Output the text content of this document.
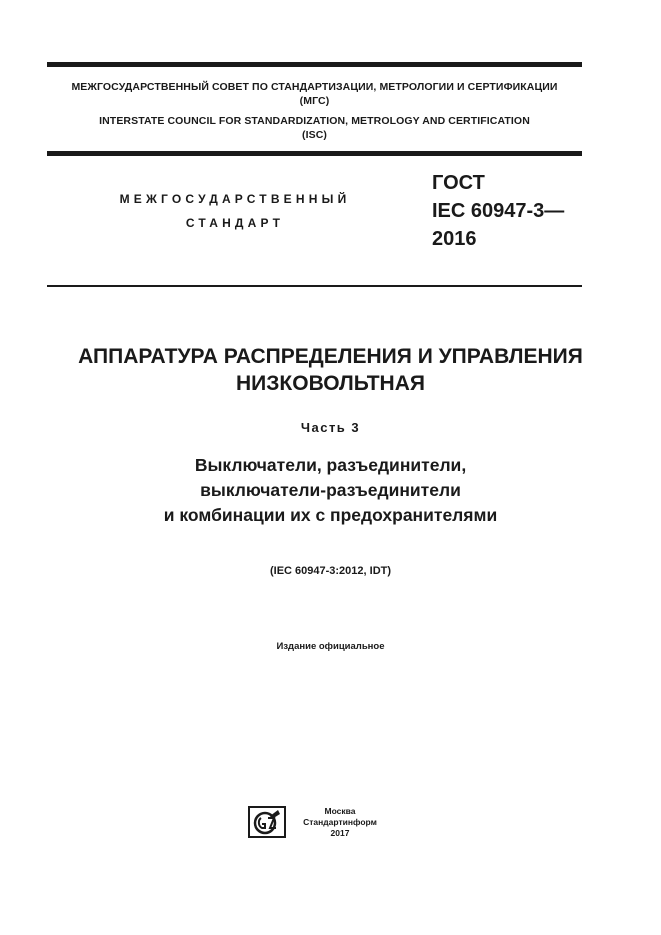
МЕЖГОСУДАРСТВЕННЫЙ СОВЕТ ПО СТАНДАРТИЗАЦИИ, МЕТРОЛОГИИ И СЕРТИФИКАЦИИ
(МГС)
INTERSTATE COUNCIL FOR STANDARDIZATION, METROLOGY AND CERTIFICATION
(ISC)
МЕЖГОСУДАРСТВЕННЫЙ
СТАНДАРТ
ГОСТ
IEC 60947-3—
2016
АППАРАТУРА РАСПРЕДЕЛЕНИЯ И УПРАВЛЕНИЯ
НИЗКОВОЛЬТНАЯ
Часть 3
Выключатели, разъединители,
выключатели-разъединители
и комбинации их с предохранителями
(IEC 60947-3:2012, IDT)
Издание официальное
Москва
Стандартинформ
2017
